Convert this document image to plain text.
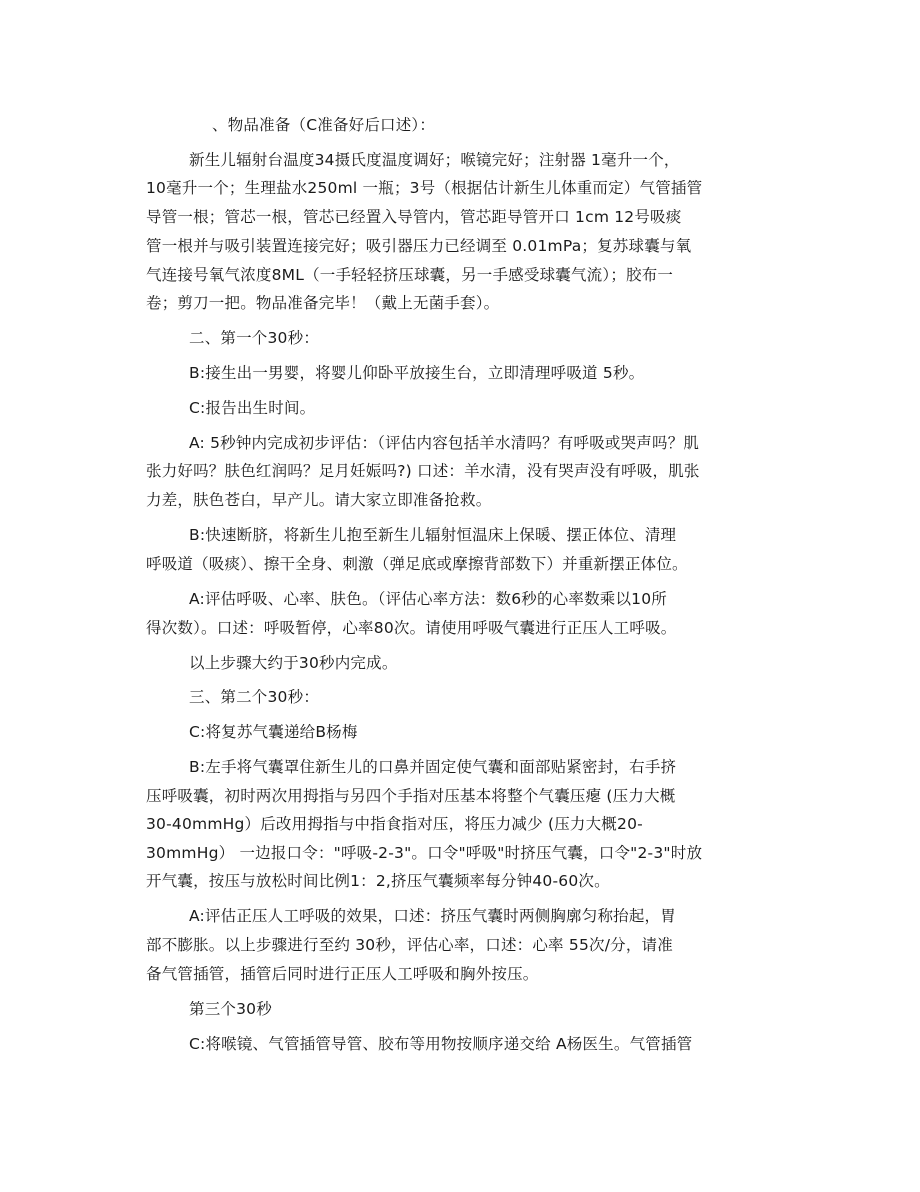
、物品准备（C准备好后口述）：
新生儿辐射台温度34摄氏度温度调好；喉镜完好；注射器 1毫升一个，
10毫升一个；生理盐水250ml 一瓶；3号（根据估计新生儿体重而定）气管插管
导管一根；管芯一根，管芯已经置入导管内，管芯距导管开口 1cm 12号吸痰
管一根并与吸引装置连接完好；吸引器压力已经调至 0.01mPa；复苏球囊与氧
气连接号氧气浓度8ML（一手轻轻挤压球囊，另一手感受球囊气流）；胶布一
卷；剪刀一把。物品准备完毕！（戴上无菌手套）。
二、第一个30秒：
B:接生出一男婴，将婴儿仰卧平放接生台，立即清理呼吸道 5秒。
C:报告出生时间。
A: 5秒钟内完成初步评估：（评估内容包括羊水清吗？有呼吸或哭声吗？肌
张力好吗？肤色红润吗？足月妊娠吗?) 口述：羊水清，没有哭声没有呼吸，肌张
力差，肤色苍白，早产儿。请大家立即准备抢救。
B:快速断脐，将新生儿抱至新生儿辐射恒温床上保暖、摆正体位、清理
呼吸道（吸痰）、擦干全身、刺激（弹足底或摩擦背部数下）并重新摆正体位。
A:评估呼吸、心率、肤色。（评估心率方法：数6秒的心率数乘以10所
得次数）。口述：呼吸暂停，心率80次。请使用呼吸气囊进行正压人工呼吸。
以上步骤大约于30秒内完成。
三、第二个30秒：
C:将复苏气囊递给B杨梅
B:左手将气囊罩住新生儿的口鼻并固定使气囊和面部贴紧密封，右手挤
压呼吸囊，初时两次用拇指与另四个手指对压基本将整个气囊压瘪 (压力大概
30-40mmHg）后改用拇指与中指食指对压，将压力减少 (压力大概20-
30mmHg） 一边报口令："呼吸-2-3"。口令"呼吸"时挤压气囊，口令"2-3"时放
开气囊，按压与放松时间比例1：2,挤压气囊频率每分钟40-60次。
A:评估正压人工呼吸的效果，口述：挤压气囊时两侧胸廓匀称抬起，胃
部不膨胀。以上步骤进行至约 30秒，评估心率，口述：心率 55次/分，请准
备气管插管，插管后同时进行正压人工呼吸和胸外按压。
第三个30秒
C:将喉镜、气管插管导管、胶布等用物按顺序递交给 A杨医生。气管插管
